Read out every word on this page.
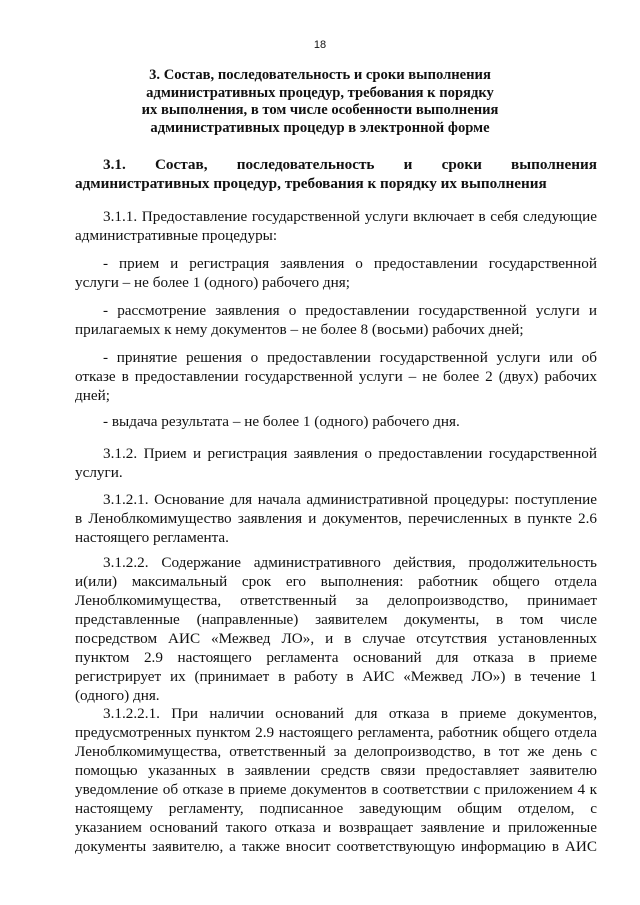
18
3. Состав, последовательность и сроки выполнения
административных процедур, требования к порядку
их выполнения, в том числе особенности выполнения
административных процедур в электронной форме
3.1. Состав, последовательность и сроки выполнения
административных процедур, требования к порядку их выполнения
3.1.1. Предоставление государственной услуги включает в себя следующие
административные процедуры:
- прием и регистрация заявления о предоставлении государственной
услуги – не более 1 (одного) рабочего дня;
- рассмотрение заявления о предоставлении государственной услуги и
прилагаемых к нему документов – не более 8 (восьми) рабочих дней;
- принятие решения о предоставлении государственной услуги или об
отказе в предоставлении государственной услуги – не более 2 (двух) рабочих
дней;
- выдача результата – не более 1 (одного) рабочего дня.
3.1.2. Прием и регистрация заявления о предоставлении государственной
услуги.
3.1.2.1. Основание для начала административной процедуры: поступление
в Леноблкомимущество заявления и документов, перечисленных в пункте 2.6
настоящего регламента.
3.1.2.2. Содержание административного действия, продолжительность
и(или) максимальный срок его выполнения: работник общего отдела
Леноблкомимущества, ответственный за делопроизводство, принимает
представленные (направленные) заявителем документы, в том числе
посредством АИС «Межвед ЛО», и в случае отсутствия установленных
пунктом 2.9 настоящего регламента оснований для отказа в приеме
регистрирует их (принимает в работу в АИС «Межвед ЛО») в течение 1
(одного) дня.
3.1.2.2.1. При наличии оснований для отказа в приеме документов,
предусмотренных пунктом 2.9 настоящего регламента, работник общего отдела
Леноблкомимущества, ответственный за делопроизводство, в тот же день с
помощью указанных в заявлении средств связи предоставляет заявителю
уведомление об отказе в приеме документов в соответствии с приложением 4 к
настоящему регламенту, подписанное заведующим общим отделом, с
указанием оснований такого отказа и возвращает заявление и приложенные
документы заявителю, а также вносит соответствующую информацию в АИС
